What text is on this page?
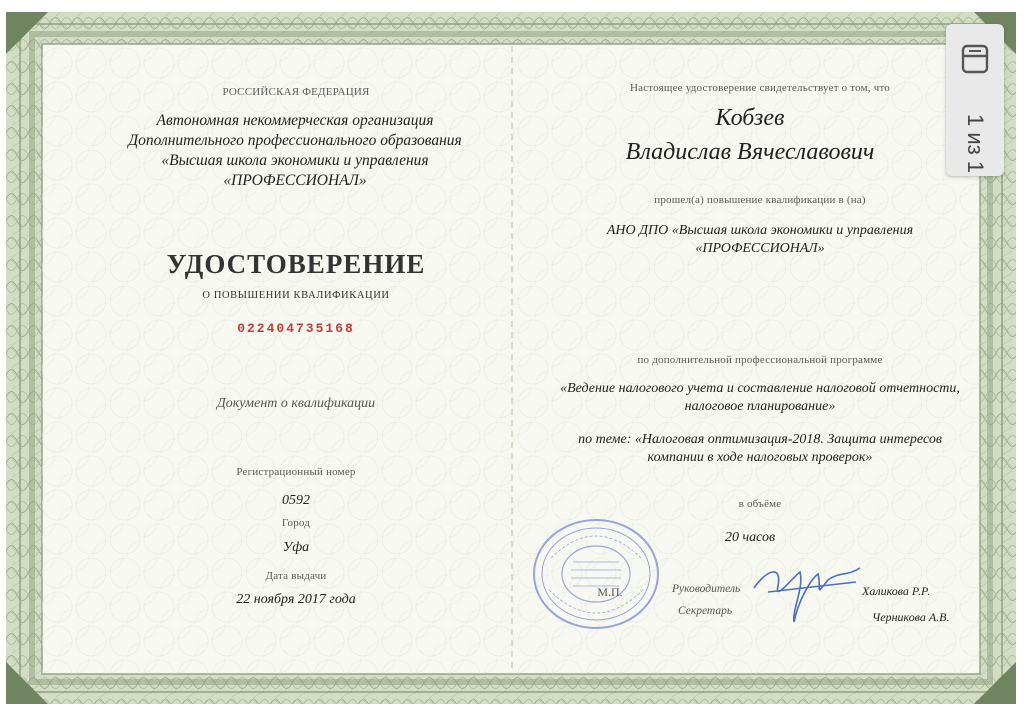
РОССИЙСКАЯ ФЕДЕРАЦИЯ
Автономная некоммерческая организация
Дополнительного профессионального образования
«Высшая школа экономики и управления
«ПРОФЕССИОНАЛ»
УДОСТОВЕРЕНИЕ
О ПОВЫШЕНИИ КВАЛИФИКАЦИИ
022404735168
Документ о квалификации
Регистрационный номер
0592
Город
Уфа
Дата выдачи
22 ноября 2017 года
Настоящее удостоверение свидетельствует о том, что
Кобзев
Владислав Вячеславович
прошел(а) повышение квалификации в (на)
АНО ДПО «Высшая школа экономики и управления
«ПРОФЕССИОНАЛ»
по дополнительной профессиональной программе
«Ведение налогового учета и составление налоговой отчетности,
налоговое планирование»
по теме: «Налоговая оптимизация-2018. Защита интересов
компании в ходе налоговых проверок»
в объёме
20 часов
М.П.	Руководитель	Халикова Р.Р.
Секретарь	Черникова А.В.
1 из 1
